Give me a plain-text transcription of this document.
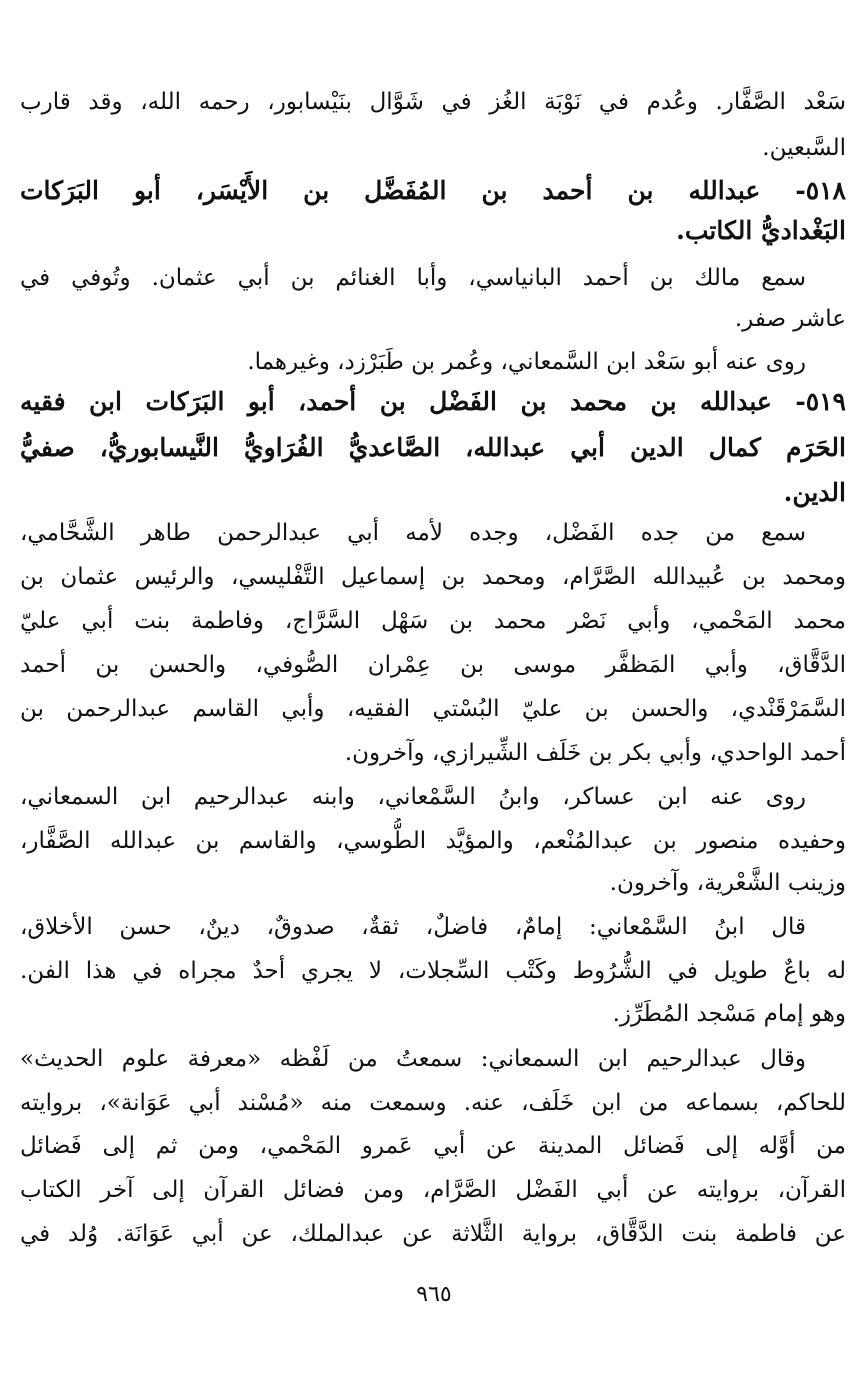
سَعْد الصَّفَّار. وعُدم في نَوْبَة الغُز في شَوَّال بنَيْسابور، رحمه الله، وقد قارب
السَّبعين.
٥١٨- عبدالله بن أحمد بن المُفَضَّل بن الأَيْسَر، أبو البَرَكات
البَغْداديُّ الكاتب.
سمع مالك بن أحمد البانياسي، وأبا الغنائم بن أبي عثمان. وتُوفي في
عاشر صفر.
روى عنه أبو سَعْد ابن السَّمعاني، وعُمر بن طَبَرْزد، وغيرهما.
٥١٩- عبدالله بن محمد بن الفَضْل بن أحمد، أبو البَرَكات ابن فقيه
الحَرَم كمال الدين أبي عبدالله، الصَّاعديُّ الفُرَاويُّ النَّيسابوريُّ، صفيُّ
الدين.
سمع من جده الفَضْل، وجده لأمه أبي عبدالرحمن طاهر الشَّحَّامي،
ومحمد بن عُبيدالله الصَّرَّام، ومحمد بن إسماعيل التَّفْليسي، والرئيس عثمان بن
محمد المَحْمي، وأبي نَصْر محمد بن سَهْل السَّرَّاج، وفاطمة بنت أبي عليّ
الدَّقَّاق، وأبي المَظفَّر موسى بن عِمْران الصُّوفي، والحسن بن أحمد
السَّمَرْقَنْدي، والحسن بن عليّ البُسْتي الفقيه، وأبي القاسم عبدالرحمن بن
أحمد الواحدي، وأبي بكر بن خَلَف الشِّيرازي، وآخرون.
روى عنه ابن عساكر، وابنُ السَّمْعاني، وابنه عبدالرحيم ابن السمعاني،
وحفيده منصور بن عبدالمُنْعم، والمؤيَّد الطُّوسي، والقاسم بن عبدالله الصَّفَّار،
وزينب الشَّعْرية، وآخرون.
قال ابنُ السَّمْعاني: إمامٌ، فاضلٌ، ثقةٌ، صدوقٌ، دينٌ، حسن الأخلاق،
له باعٌ طويل في الشُّرُوط وكَتْب السِّجلات، لا يجري أحدٌ مجراه في هذا الفن.
وهو إمام مَسْجد المُطَرِّز.
وقال عبدالرحيم ابن السمعاني: سمعتُ من لَفْظه «معرفة علوم الحديث»
للحاكم، بسماعه من ابن خَلَف، عنه. وسمعت منه «مُسْند أبي عَوَانة»، بروايته
من أوَّله إلى فَضائل المدينة عن أبي عَمرو المَحْمي، ومن ثم إلى فَضائل
القرآن، بروايته عن أبي الفَضْل الصَّرَّام، ومن فضائل القرآن إلى آخر الكتاب
عن فاطمة بنت الدَّقَّاق، برواية الثَّلاثة عن عبدالملك، عن أبي عَوَانَة. وُلد في
٩٦٥
